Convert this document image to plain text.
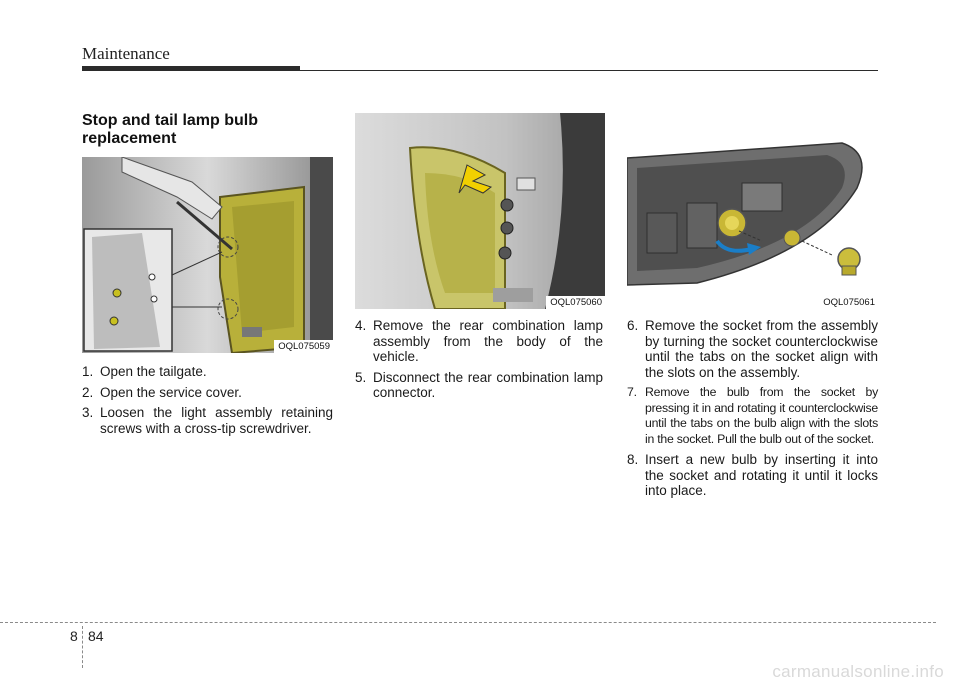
Maintenance
Stop and tail lamp bulb replacement
OQL075059
OQL075060	OQL075061
1. Open the tailgate.
2. Open the service cover.
3. Loosen the light assembly retaining screws with a cross-tip screwdriver.
4. Remove the rear combination lamp assembly from the body of the vehicle.
5. Disconnect the rear combination lamp connector.
6. Remove the socket from the assembly by turning the socket counterclockwise until the tabs on the socket align with the slots on the assembly.
7. Remove the bulb from the socket by pressing it in and rotating it counterclockwise until the tabs on the bulb align with the slots in the socket. Pull the bulb out of the socket.
8. Insert a new bulb by inserting it into the socket and rotating it until it locks into place.
8 84
carmanualsonline.info
